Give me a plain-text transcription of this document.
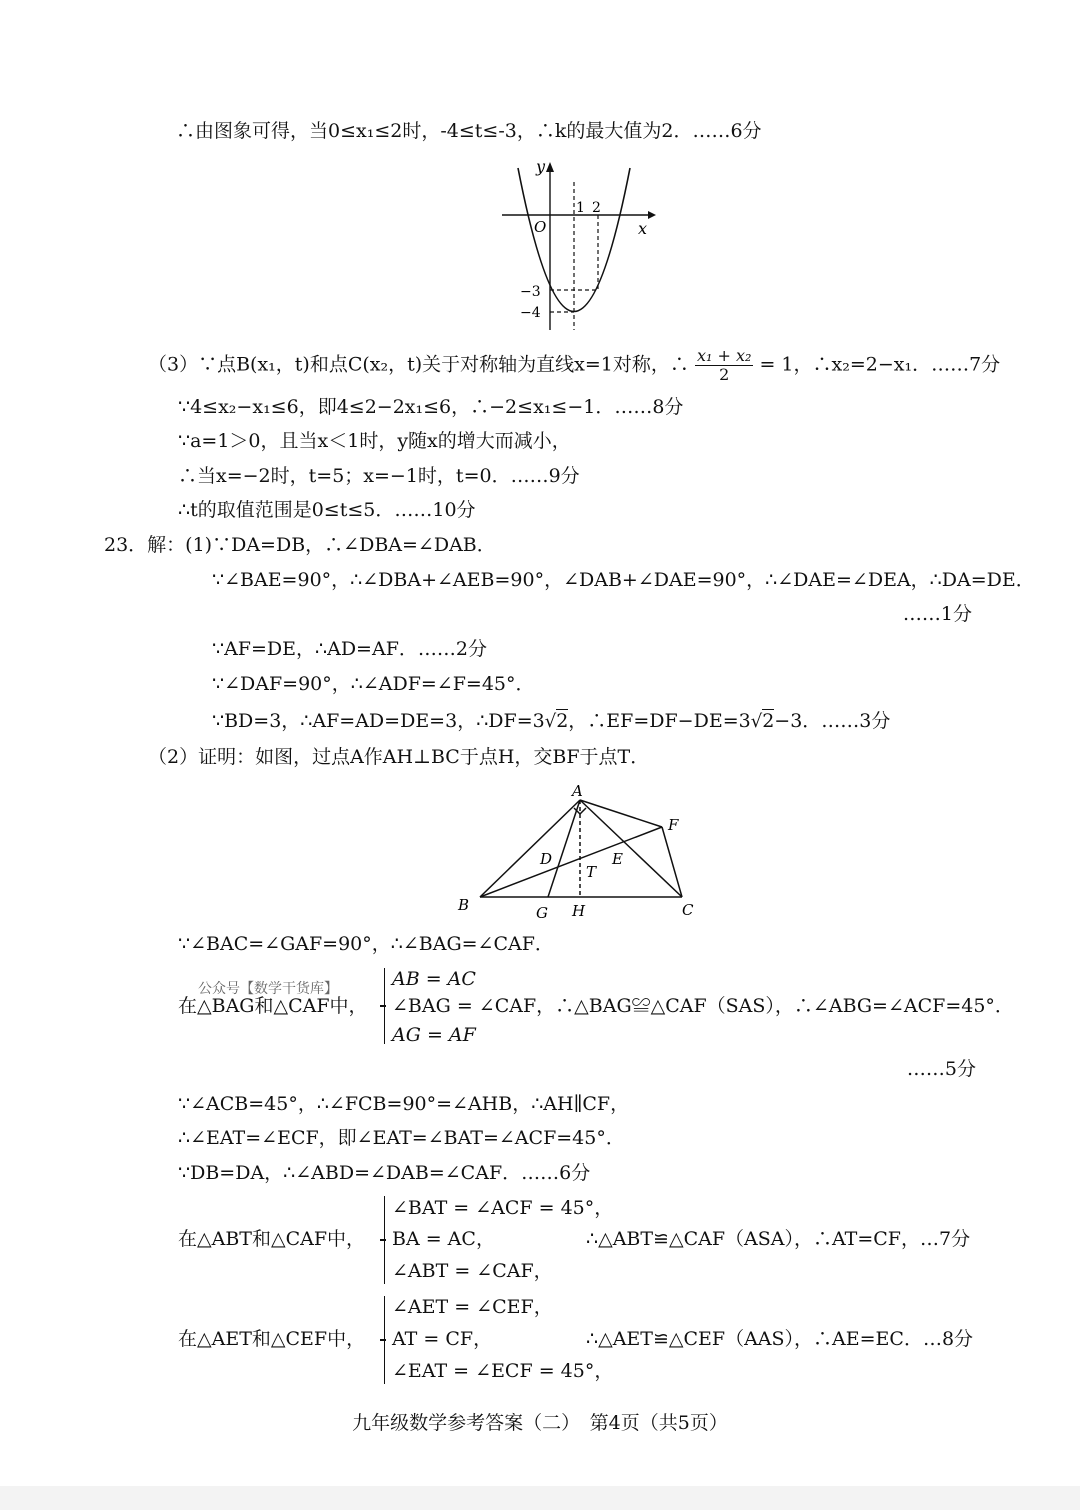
∴由图象可得，当0≤x₁≤2时，-4≤t≤-3，∴k的最大值为2．……6分
y
x
O
1 2
−3
−4
（3）∵点B(x₁，t)和点C(x₂，t)关于对称轴为直线x=1对称，∴ $\frac{\text{x₁ + x₂}}{2} = 1$，∴x₂=2−x₁．……7分
∵4≤x₂−x₁≤6，即4≤2−2x₁≤6，∴−2≤x₁≤−1．……8分
∵a=1＞0，且当x＜1时，y随x的增大而减小，
∴当x=−2时，t=5；x=−1时，t=0．……9分
∴t的取值范围是0≤t≤5．……10分
23．解：(1)∵DA=DB，∴∠DBA=∠DAB．
∵∠BAE=90°，∴∠DBA+∠AEB=90°，∠DAB+∠DAE=90°，∴∠DAE=∠DEA，∴DA=DE．
……1分
∵AF=DE，∴AD=AF．……2分
∵∠DAF=90°，∴∠ADF=∠F=45°．
∵BD=3，∴AF=AD=DE=3，∴DF=3√2，∴EF=DF−DE=3√2−3．……3分
（2）证明：如图，过点A作AH⊥BC于点H，交BF于点T．
A
B	C
D	E
F
G H
T
∵∠BAC=∠GAF=90°，∴∠BAG=∠CAF．
公众号【数学干货库】
在△BAG和△CAF中，
AB = AC
∠BAG = ∠CAF，∴△BAG≌△CAF（SAS），∴∠ABG=∠ACF=45°．
AG = AF
……5分
∵∠ACB=45°，∴∠FCB=90°=∠AHB，∴AH∥CF，
∴∠EAT=∠ECF，即∠EAT=∠BAT=∠ACF=45°．
∵DB=DA，∴∠ABD=∠DAB=∠CAF．……6分
在△ABT和△CAF中，
∠BAT = ∠ACF = 45°，
BA = AC，
∠ABT = ∠CAF，
∴△ABT≌△CAF（ASA），∴AT=CF，…7分
在△AET和△CEF中，
∠AET = ∠CEF，
AT = CF，
∠EAT = ∠ECF = 45°，
∴△AET≌△CEF（AAS），∴AE=EC．…8分
九年级数学参考答案（二）　第4页（共5页）
